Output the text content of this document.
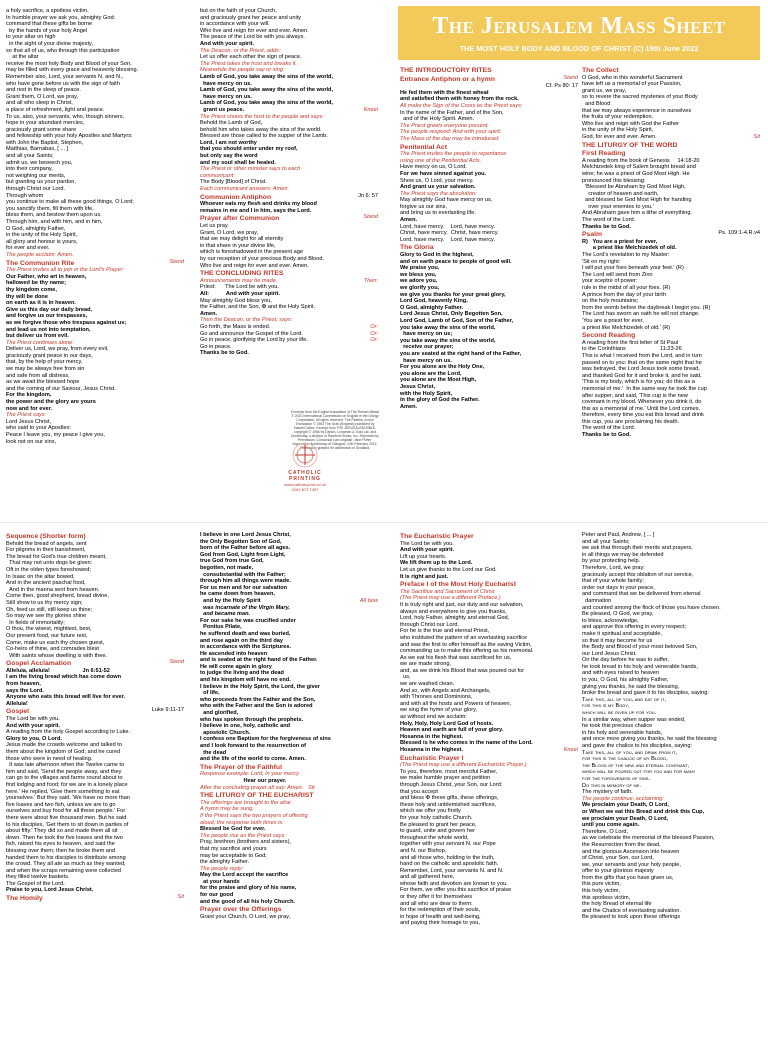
a holy sacrifice, a spotless victim.

In humble prayer we ask you, almighty God:

command that these gifts be borne

by the hands of your holy Angel

to your altar on high

in the sight of your divine majesty,

so that all of us, who through this participation

at the altar

receive the most holy Body and Blood of your Son,

may be filled with every grace and heavenly blessing.

Remember also, Lord, your servants N. and N.,

who have gone before us with the sign of faith

and rest in the sleep of peace.

Grant them, O Lord, we pray,

and all who sleep in Christ,

a place of refreshment, light and peace.

To us, also, your servants, who, though sinners,

hope in your abundant mercies,

graciously grant some share

and fellowship with your holy Apostles and Martyrs:

with John the Baptist, Stephen,

Matthias, Barnabas, [ ... ]

and all your Saints;

admit us, we beseech you,

into their company,

not weighing our merits,

but granting us your pardon,

through Christ our Lord.

Through whom

you continue to make all these good things, O Lord;

you sanctify them, fill them with life,

bless them, and bestow them upon us.

Through him, and with him, and in him,

O God, almighty Father,

in the unity of the Holy Spirit,

all glory and honour is yours,

for ever and ever.

The people acclaim: Amen.

The Communion Rite	Stand

The Priest invites all to join in the Lord's Prayer:

Our Father, who art in heaven,

hallowed be thy name;

thy kingdom come,

thy will be done

on earth as it is in heaven.

Give us this day our daily bread,

and forgive us our trespasses,

as we forgive those who trespass against us;

and lead us not into temptation,

but deliver us from evil.

The Priest continues alone:

Deliver us, Lord, we pray, from every evil,

graciously grant peace in our days,

that, by the help of your mercy,

we may be always free from sin

and safe from all distress,

as we await the blessed hope

and the coming of our Saviour, Jesus Christ.

For the kingdom,

the power and the glory are yours

now and for ever.

The Priest says:

Lord Jesus Christ,

who said to your Apostles:

Peace I leave you, my peace I give you,

look not on our sins,

but on the faith of your Church,

and graciously grant her peace and unity

in accordance with your will.

Who live and reign for ever and ever. Amen.

The peace of the Lord be with you always.

And with your spirit.

The Deacon, or the Priest, adds:

Let us offer each other the sign of peace.

The Priest takes the host and breaks it.

Meanwhile the people say or sing:

Lamb of God, you take away the sins of the world,

have mercy on us.

Lamb of God, you take away the sins of the world,

have mercy on us.

Lamb of God, you take away the sins of the world,

grant us peace.	Kneel

The Priest shows the host to the people and says:

Behold the Lamb of God,

behold him who takes away the sins of the world.

Blessed are those called to the supper of the Lamb.

Lord, I am not worthy

that you should enter under my roof,

but only say the word

and my soul shall be healed.

The Priest or other minister says to each

communicant:

The Body [Blood] of Christ.

Each communicant answers: Amen.

Communion Antiphon	Jn 6: 57

Whoever eats my flesh and drinks my blood

remains in me and I in him, says the Lord.

Prayer after Communion	Stand

Let us pray.

Grant, O Lord, we pray,

that we may delight for all eternity

in that share in your divine life,

which is foreshadowed in the present age

by our reception of your precious Body and Blood.

Who live and reign for ever and ever. Amen.

THE CONCLUDING RITES

Announcements may be made.	Then:

Priest:      The Lord be with you.

All:           And with your spirit.

May almighty God bless you,

the Father, and the Son, ✠ and the Holy Spirit.

Amen.

Then the Deacon, or the Priest, says:

Go forth, the Mass is ended.	Or:

Go and announce the Gospel of the Lord.	Or:

Go in peace, glorifying the Lord by your life.	Or:

Go in peace.

Thanks be to God.

The Jerusalem Mass Sheet
THE MOST HOLY BODY AND BLOOD OF CHRIST (C) 19th June 2022

THE INTRODUCTORY RITES

Entrance Antiphon or a hymn	Stand

Cf. Ps 80: 17

He fed them with the finest wheat

and satisfied them with honey from the rock.

All make the Sign of the Cross as the Priest says:

In the name of the Father, and of the Son,

and of the Holy Spirit. Amen.

The Priest greets everyone present.

The people respond: And with your spirit.

The Mass of the day may be introduced.

Penitential Act

The Priest invites the people to repentance

using one of the Penitential Acts.

Have mercy on us, O Lord.

For we have sinned against you.

Show us, O Lord, your mercy.

And grant us your salvation.

The Priest says the absolution:

May almighty God have mercy on us,

forgive us our sins,

and bring us to everlasting life.

Amen.

Lord, have mercy.    Lord, have mercy.

Christ, have mercy.  Christ, have mercy.

Lord, have mercy.    Lord, have mercy.

The Gloria

Glory to God in the highest,

and on earth peace to people of good will.

We praise you,

we bless you,

we adore you,

we glorify you,

we give you thanks for your great glory,

Lord God, heavenly King,

O God, almighty Father.

Lord Jesus Christ, Only Begotten Son,

Lord God, Lamb of God, Son of the Father,

you take away the sins of the world,

have mercy on us;

you take away the sins of the world,

receive our prayer;

you are seated at the right hand of the Father,

have mercy on us.

For you alone are the Holy One,

you alone are the Lord,

you alone are the Most High,

Jesus Christ,

with the Holy Spirit,

in the glory of God the Father.

Amen.

The Collect

O God, who in this wonderful Sacrament

have left us a memorial of your Passion,

grant us, we pray,

so to revere the sacred mysteries of your Body

and Blood

that we may always experience in ourselves

the fruits of your redemption.

Who live and reign with God the Father

in the unity of the Holy Spirit,

God, for ever and ever. Amen.	Sit

THE LITURGY OF THE WORD

First Reading

A reading from the book of Genesis     14:18-20

Melchizedek king of Salem brought bread and

wine; he was a priest of God Most High. He

pronounced this blessing:

'Blessed be Abraham by God Most High,

creator of heaven and earth,

and blessed be God Most High for handing

over your enemies to you.'

And Abraham gave him a tithe of everything.

The word of the Lord.

Thanks be to God.

Psalm	Ps. 109:1-4.R.v4

R)   You are a priest for ever,

a priest like Melchizedek of old.

The Lord's revelation to my Master:

'Sit on my right:

I will put your foes beneath your feet.' (R)

The Lord will send from Zion

your sceptre of power:

rule in the midst of all your foes. (R)

A prince from the day of your birth

on the holy mountains;

from the womb before the daybreak I begot you. (R)

The Lord has sworn an oath he will not change.

'You are a priest for ever,

a priest like Melchizedek of old.' (R)

Second Reading

A reading from the first letter of St Paul

to the Corinthians                      11:23-26

This is what I received from the Lord, and in turn

passed on to you: that on the same night that he

was betrayed, the Lord Jesus took some bread,

and thanked God for it and broke it, and he said,

'This is my body, which is for you; do this as a

memorial of me.'  In the same way he took the cup

after supper, and said, 'This cup is the new

covenant in my blood. Whenever you drink it, do

this as a memorial of me.' Until the Lord comes,

therefore, every time you eat this bread and drink

this cup, you are proclaiming his death.

The word of the Lord.

Thanks be to God.

Excerpts from the English translation of The Roman Missal © 2010 International Commission on English in the Liturgy Corporation. All rights reserved. The Psalms: A new Translation © 1963 The Grail (England) published by HarperCollins. Excerpt from THE JERUSALEM BIBLE, copyright © 1966 by Darton, Longman & Todd Ltd. and Doubleday, a division of Random House, Inc. Reprinted by Permission. Concordat cum originali: Jane Porter. Imprimatur: Archbishop of Glasgow, 12th February 2014. Permission granted for distribution in Scotland.
CATHOLIC
PRINTING
www.catholicprint.co.uk
0161 873 7457

Sequence (Shorter form)

Behold the bread of angels, sent

For pilgrims in their banishment,

The bread for God's true children meant,

That may not unto dogs be given:

Oft in the olden types foreshowed;

In Isaac on the altar bowed,

And in the ancient paschal food,

And in the manna sent from heaven.

Come then, good shepherd, bread divine,

Still show to us thy mercy sign;

Oh, feed us still, still keep us thine;

So may we see thy glories shine

In fields of immortality;

O thou, the wisest, mightiest, best,

Our present food, our future rest,

Come, make us each thy chosen guest,

Co-heirs of thine, and comrades blest

With saints whose dwelling is with thee.

Gospel Acclamation	Stand

Alleluia, alleluia!                     Jn 6:51-52

I am the living bread which has come down

from heaven,

says the Lord.

Anyone who eats this bread will live for ever.

Alleluia!

Gospel	Luke 9:11-17

The Lord be with you.

And with your spirit.

A reading from the holy Gospel according to Luke.

Glory to you, O Lord.

Jesus made the crowds welcome and talked to

them about the kingdom of God; and he cured

those who were in need of healing.

It was late afternoon when the Twelve came to

him and said, 'Send the people away, and they

can go to the villages and farms round about to

find lodging and food; for we are in a lonely place

here.' He replied, 'Give them something to eat

yourselves.' But they said, 'We have no more than

five loaves and two fish, unless we are to go

ourselves and buy food for all these people.' For

there were about five thousand men. But he said

to his disciples, 'Get them to sit down in parties of

about fifty.' They did so and made them all sit

down. Then he took the five loaves and the two

fish, raised his eyes to heaven, and said the

blessing over them; then he broke them and

handed them to his disciples to distribute among

the crowd. They all ate as much as they wanted,

and when the scraps remaining were collected

they filled twelve baskets.

The Gospel of the Lord.

Praise to you, Lord Jesus Christ.

The Homily	Sit

I believe in one Lord Jesus Christ,

the Only Begotten Son of God,

born of the Father before all ages.

God from God, Light from Light,

true God from true God,

begotten, not made,

consubstantial with the Father;

through him all things were made.

For us men and for our salvation

he came down from heaven,

and by the Holy Spirit	All bow

was incarnate of the Virgin Mary,

and became man.

For our sake he was crucified under

Pontius Pilate,

he suffered death and was buried,

and rose again on the third day

in accordance with the Scriptures.

He ascended into heaven

and is seated at the right hand of the Father.

He will come again in glory

to judge the living and the dead

and his kingdom will have no end.

I believe in the Holy Spirit, the Lord, the giver

of life,

who proceeds from the Father and the Son,

who with the Father and the Son is adored

and glorified,

who has spoken through the prophets.

I believe in one, holy, catholic and

apostolic Church.

I confess one Baptism for the forgiveness of sins

and I look forward to the resurrection of

the dead

and the life of the world to come. Amen.

The Prayer of the Faithful

Response example: Lord, in your mercy.

Hear our prayer.

After the concluding prayer all say: Amen.   Sit

THE LITURGY OF THE EUCHARIST

The offerings are brought to the altar.

A hymn may be sung.

If the Priest says the two prayers of offering

aloud, the response both times is:

Blessed be God for ever.

The people rise as the Priest says:

Pray, brethren (brothers and sisters),

that my sacrifice and yours

may be acceptable to God,

the almighty Father.

The people reply:

May the Lord accept the sacrifice

at your hands

for the praise and glory of his name,

for our good

and the good of all his holy Church.

Prayer over the Offerings

Grant your Church, O Lord, we pray,

The Eucharistic Prayer

The Lord be with you.

And with your spirit.

Lift up your hearts.

We lift them up to the Lord.

Let us give thanks to the Lord our God.

It is right and just.

Preface I of the Most Holy Eucharist

The Sacrifice and Sacrament of Christ

(The Priest may use a different Preface.)

It is truly right and just, our duty and our salvation,

always and everywhere to give you thanks,

Lord, holy Father, almighty and eternal God,

through Christ our Lord.

For he is the true and eternal Priest,

who instituted the pattern of an everlasting sacrifice

and was the first to offer himself as the saving Victim,

commanding us to make this offering as his memorial.

As we eat his flesh that was sacrificed for us,

we are made strong,

and, as we drink his Blood that was poured out for

us,

we are washed clean.

And so, with Angels and Archangels,

with Thrones and Dominions,

and with all the hosts and Powers of heaven,

we sing the hymn of your glory,

as without end we acclaim:

Holy, Holy, Holy Lord God of hosts.

Heaven and earth are full of your glory.

Hosanna in the highest.

Blessed is he who comes in the name of the Lord.

Hosanna in the highest.	Kneel

Eucharistic Prayer I

(The Priest may use a different Eucharistic Prayer.)

To you, therefore, most merciful Father,

we make humble prayer and petition

through Jesus Christ, your Son, our Lord:

that you accept

and bless ✠ these gifts, these offerings,

these holy and unblemished sacrifices,

which we offer you firstly

for your holy catholic Church.

Be pleased to grant her peace,

to guard, unite and govern her

throughout the whole world,

together with your servant N. our Pope

and N. our Bishop,

and all those who, holding to the truth,

hand on the catholic and apostolic faith.

Remember, Lord, your servants N. and N.

and all gathered here,

whose faith and devotion are known to you.

For them, we offer you this sacrifice of praise

or they offer it for themselves

and all who are dear to them:

for the redemption of their souls,

in hope of health and well-being,

and paying their homage to you,

Peter and Paul, Andrew, [ ... ]

and all your Saints;

we ask that through their merits and prayers,

in all things we may be defended

by your protecting help.

Therefore, Lord, we pray:

graciously accept this oblation of our service,

that of your whole family;

order our days in your peace,

and command that we be delivered from eternal

damnation

and counted among the flock of those you have chosen.

Be pleased, O God, we pray,

to bless, acknowledge,

and approve this offering in every respect;

make it spiritual and acceptable,

so that it may become for us

the Body and Blood of your most beloved Son,

our Lord Jesus Christ.

On the day before he was to suffer,

he took bread in his holy and venerable hands,

and with eyes raised to heaven

to you, O God, his almighty Father,

giving you thanks, he said the blessing,

broke the bread and gave it to his disciples, saying:

Take this, all of you, and eat of it,

for this is my Body,

which will be given up for you.

In a similar way, when supper was ended,

he took this precious chalice

in his holy and venerable hands,

and once more giving you thanks, he said the blessing

and gave the chalice to his disciples, saying:

Take this, all of you, and drink from it,

for this is the chalice of my Blood,

the Blood of the new and eternal covenant,

which will be poured out for you and for many

for the forgiveness of sins.

Do this in memory of me.

The mystery of faith.

The people continue, acclaiming:

We proclaim your Death, O Lord,

or When we eat this Bread and drink this Cup,

we proclaim your Death, O Lord,

until you come again.

Therefore, O Lord,

as we celebrate the memorial of the blessed Passion,

the Resurrection from the dead,

and the glorious Ascension into heaven

of Christ, your Son, our Lord,

we, your servants and your holy people,

offer to your glorious majesty

from the gifts that you have given us,

this pure victim,

this holy victim,

this spotless victim,

the holy Bread of eternal life

and the Chalice of everlasting salvation.

Be pleased to look upon these offerings
